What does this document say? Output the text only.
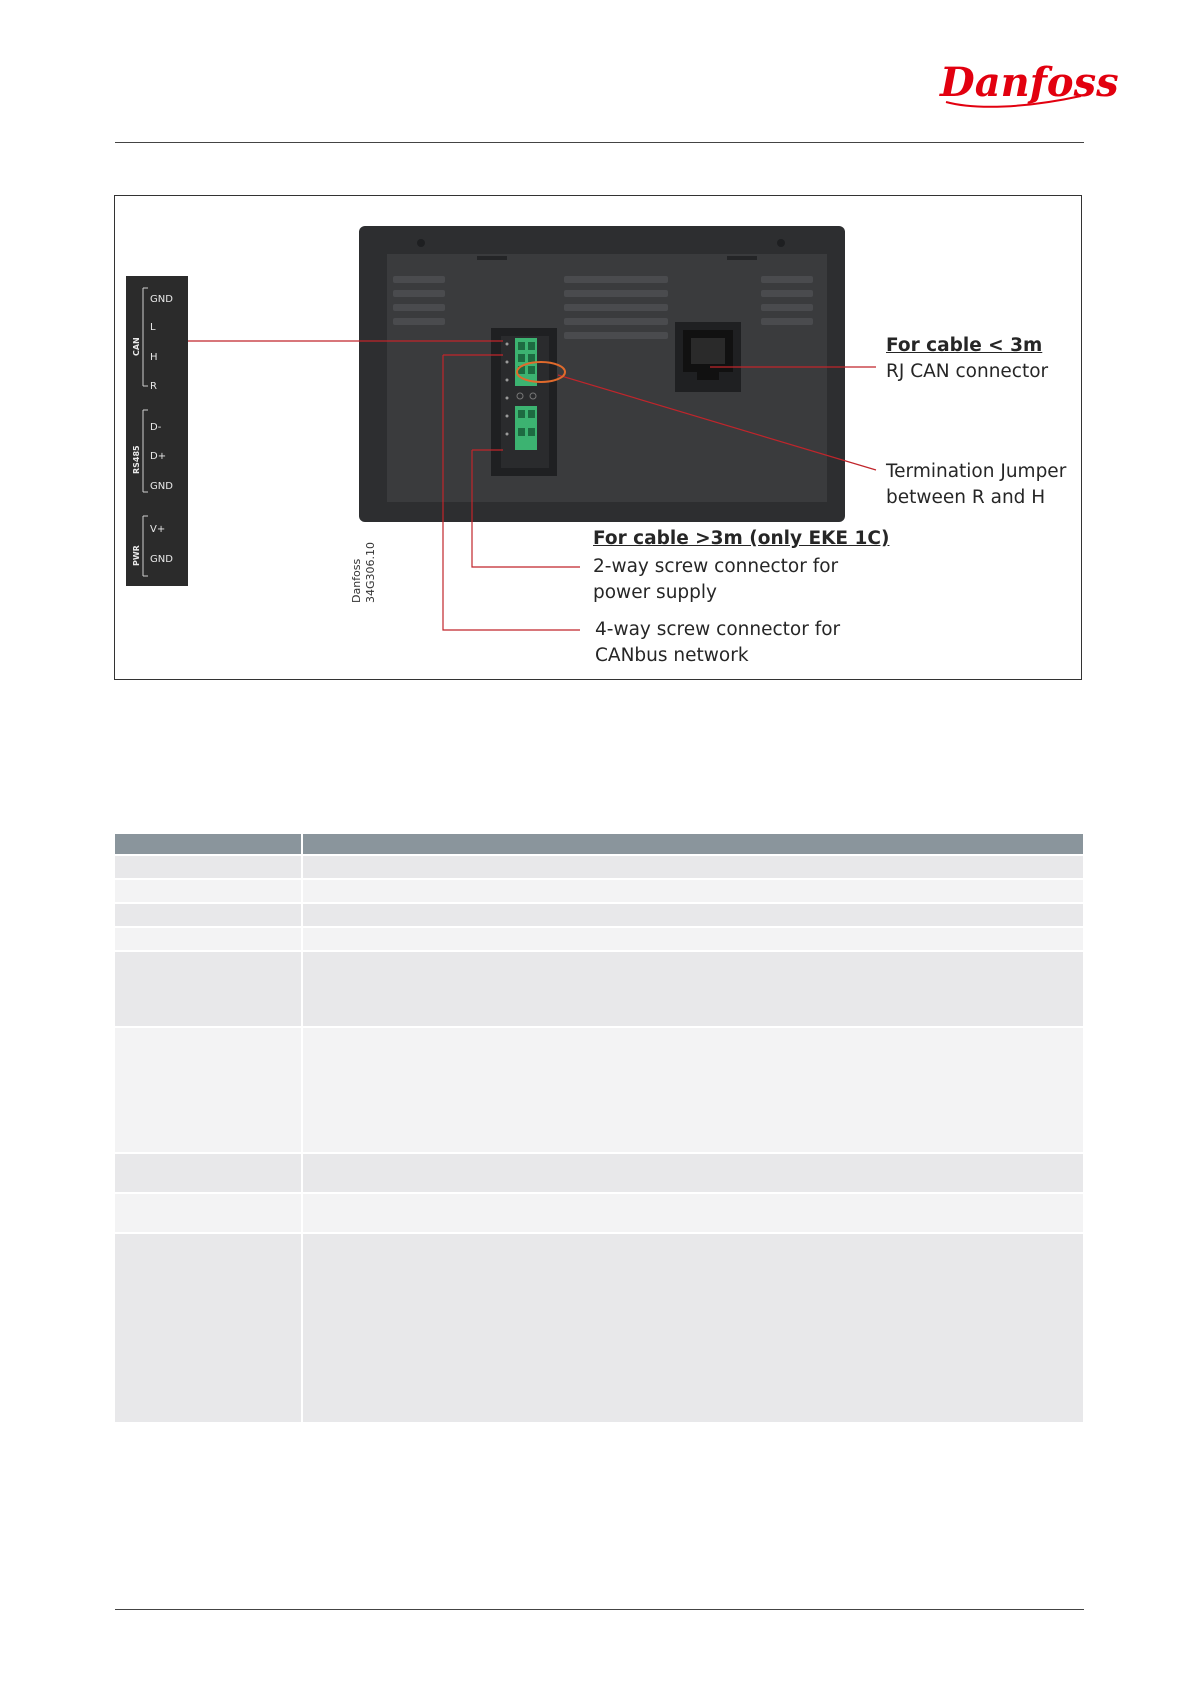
Danfoss
GND
L
H
R
D-
D+
GND
V+
GND
CAN
RS485
PWR
For cable < 3m
RJ CAN connector
Termination Jumper
between R and H
For cable >3m (only EKE 1C)
2-way screw connector for
power supply
4-way screw connector for
CANbus network
Danfoss 34G306.10
